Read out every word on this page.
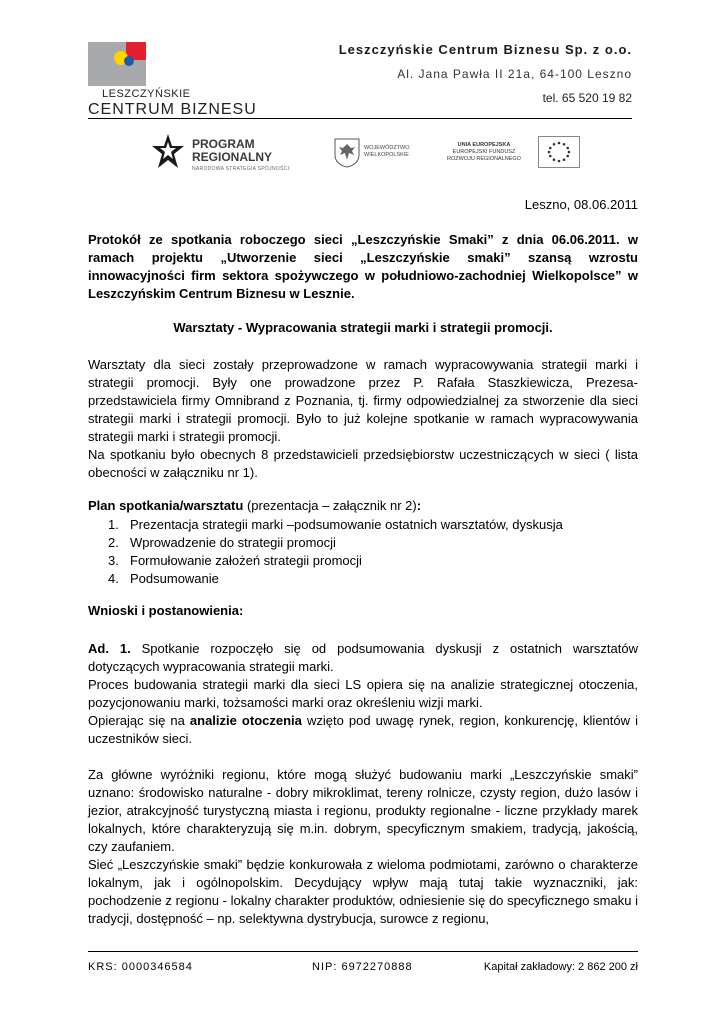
LESZCZYŃSKIE
CENTRUM BIZNESU
Leszczyńskie Centrum Biznesu Sp. z o.o.
Al. Jana Pawła II 21a, 64-100 Leszno
tel. 65 520 19 82
PROGRAM
REGIONALNY
NARODOWA STRATEGIA SPÓJNOŚCI
WOJEWÓDZTWO
WIELKOPOLSKIE
UNIA EUROPEJSKA
EUROPEJSKI FUNDUSZ
ROZWOJU REGIONALNEGO
Leszno, 08.06.2011
Protokół ze spotkania roboczego sieci „Leszczyńskie Smaki” z dnia 06.06.2011. w ramach projektu „Utworzenie sieci „Leszczyńskie smaki” szansą wzrostu innowacyjności firm sektora spożywczego w południowo-zachodniej Wielkopolsce” w Leszczyńskim Centrum Biznesu w Lesznie.
Warsztaty - Wypracowania strategii marki i strategii promocji.

Warsztaty dla sieci zostały przeprowadzone w ramach wypracowywania strategii marki i strategii promocji. Były one prowadzone przez P. Rafała Staszkiewicza, Prezesa-przedstawiciela firmy Omnibrand z Poznania, tj. firmy odpowiedzialnej za stworzenie dla sieci strategii marki i strategii promocji. Było to już kolejne spotkanie w ramach wypracowywania strategii marki i strategii promocji.

Na spotkaniu było obecnych 8 przedstawicieli przedsiębiorstw uczestniczących w sieci ( lista obecności w załączniku nr 1).

Plan spotkania/warsztatu (prezentacja – załącznik nr 2):
1. Prezentacja strategii marki –podsumowanie ostatnich warsztatów, dyskusja
2. Wprowadzenie do strategii promocji
3. Formułowanie założeń strategii promocji
4. Podsumowanie
Wnioski i postanowienia:

Ad. 1. Spotkanie rozpoczęło się od podsumowania dyskusji z ostatnich warsztatów dotyczących wypracowania strategii marki.

Proces budowania strategii marki dla sieci LS opiera się na analizie strategicznej otoczenia, pozycjonowaniu marki, tożsamości marki oraz określeniu wizji marki.

Opierając się na analizie otoczenia wzięto pod uwagę rynek, region, konkurencję, klientów i uczestników sieci.

Za główne wyróżniki regionu, które mogą służyć budowaniu marki „Leszczyńskie smaki” uznano: środowisko naturalne - dobry mikroklimat, tereny rolnicze, czysty region, dużo lasów i jezior, atrakcyjność turystyczną miasta i regionu, produkty regionalne - liczne przykłady marek lokalnych, które charakteryzują się m.in. dobrym, specyficznym smakiem, tradycją, jakością, czy zaufaniem.

Sieć „Leszczyńskie smaki” będzie konkurowała z wieloma podmiotami, zarówno o charakterze lokalnym, jak i ogólnopolskim. Decydujący wpływ mają tutaj takie wyznaczniki, jak: pochodzenie z regionu - lokalny charakter produktów, odniesienie się do specyficznego smaku i tradycji, dostępność – np. selektywna dystrybucja, surowce z regionu,

KRS: 0000346584	NIP: 6972270888	Kapitał zakładowy: 2 862 200 zł
